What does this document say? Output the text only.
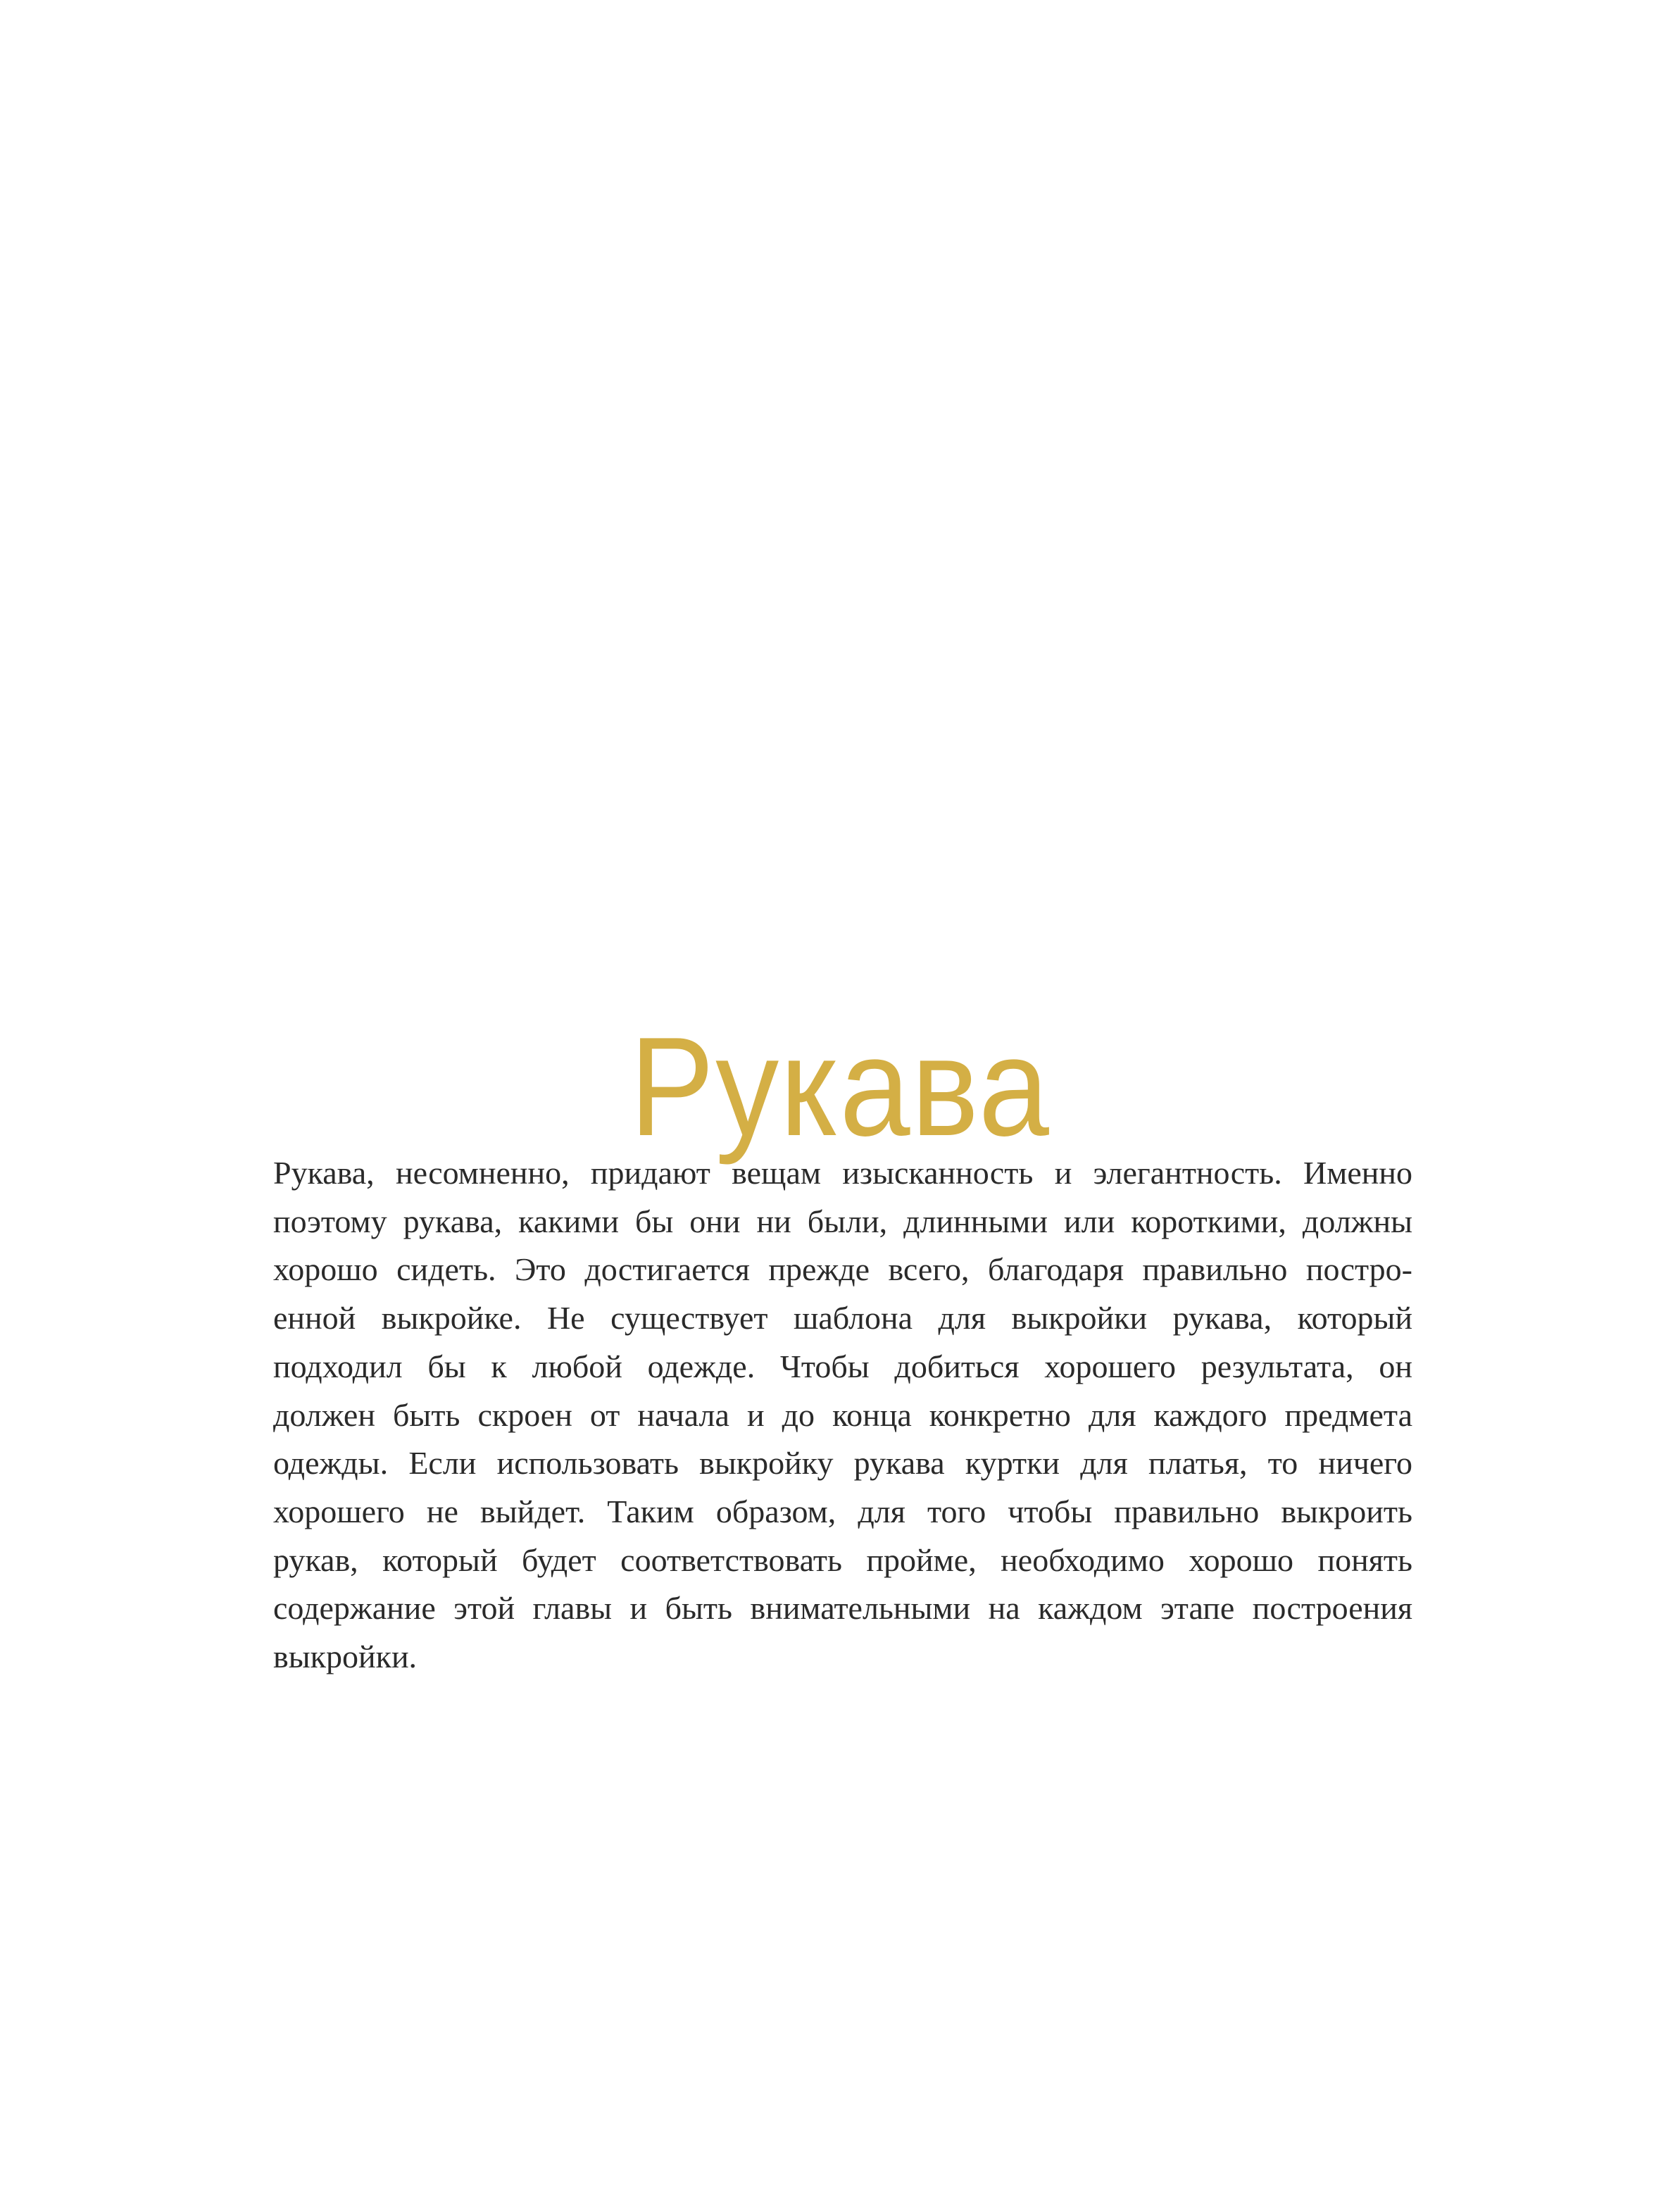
Рукава
Рукава, несомненно, придают вещам изысканность и элегантность. Именно
поэтому рукава, какими бы они ни были, длинными или короткими, должны
хорошо сидеть. Это достигается прежде всего, благодаря правильно постро-
енной выкройке. Не существует шаблона для выкройки рукава, который
подходил бы к любой одежде. Чтобы добиться хорошего результата, он
должен быть скроен от начала и до конца конкретно для каждого предмета
одежды. Если использовать выкройку рукава куртки для платья, то ничего
хорошего не выйдет. Таким образом, для того чтобы правильно выкроить
рукав, который будет соответствовать пройме, необходимо хорошо понять
содержание этой главы и быть внимательными на каждом этапе построения
выкройки.
